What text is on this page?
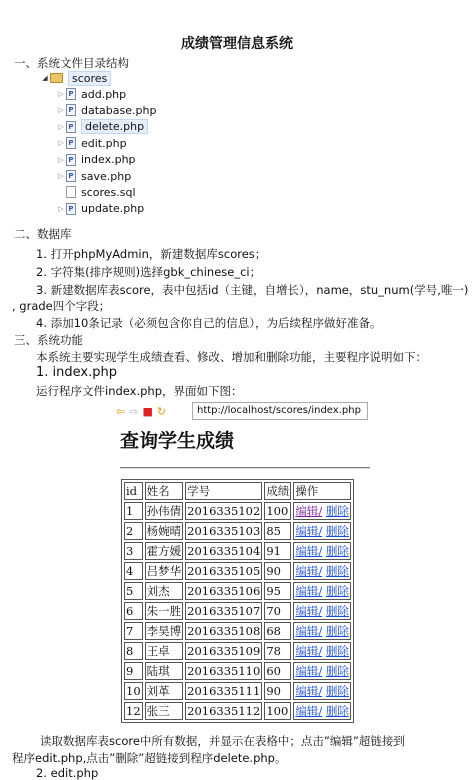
成绩管理信息系统
一、系统文件目录结构
◢	scores
▷ P add.php
▷ P database.php
▷ P	delete.php
▷ P edit.php
▷ P index.php
▷ P save.php
scores.sql
▷ P update.php
二、数据库
1. 打开phpMyAdmin，新建数据库scores；
2. 字符集(排序规则)选择gbk_chinese_ci；
3. 新建数据库表score，表中包括id（主键，自增长），name，stu_num(学号,唯一)
, grade四个字段；
4. 添加10条记录（必须包含你自己的信息），为后续程序做好准备。
三、系统功能
本系统主要实现学生成绩查看、修改、增加和删除功能，主要程序说明如下：
1. index.php
运行程序文件index.php，界面如下图：
⇦ ⇨ ■ ↻	http://localhost/scores/index.php
查询学生成绩
id	姓名	学号	成绩	操作
1	孙伟倩	2016335102	100	编辑/ 删除
2	杨婉晴	2016335103	85	编辑/ 删除
3	霍方媛	2016335104	91	编辑/ 删除
4	吕梦华	2016335105	90	编辑/ 删除
5	刘杰	2016335106	95	编辑/ 删除
6	朱一胜	2016335107	70	编辑/ 删除
7	李昊博	2016335108	68	编辑/ 删除
8	王卓	2016335109	78	编辑/ 删除
9	陆琪	2016335110	60	编辑/ 删除
10	刘革	2016335111	90	编辑/ 删除
12	张三	2016335112	100	编辑/ 删除
读取数据库表score中所有数据，并显示在表格中；点击”编辑”超链接到
程序edit.php,点击”删除”超链接到程序delete.php。
2. edit.php
